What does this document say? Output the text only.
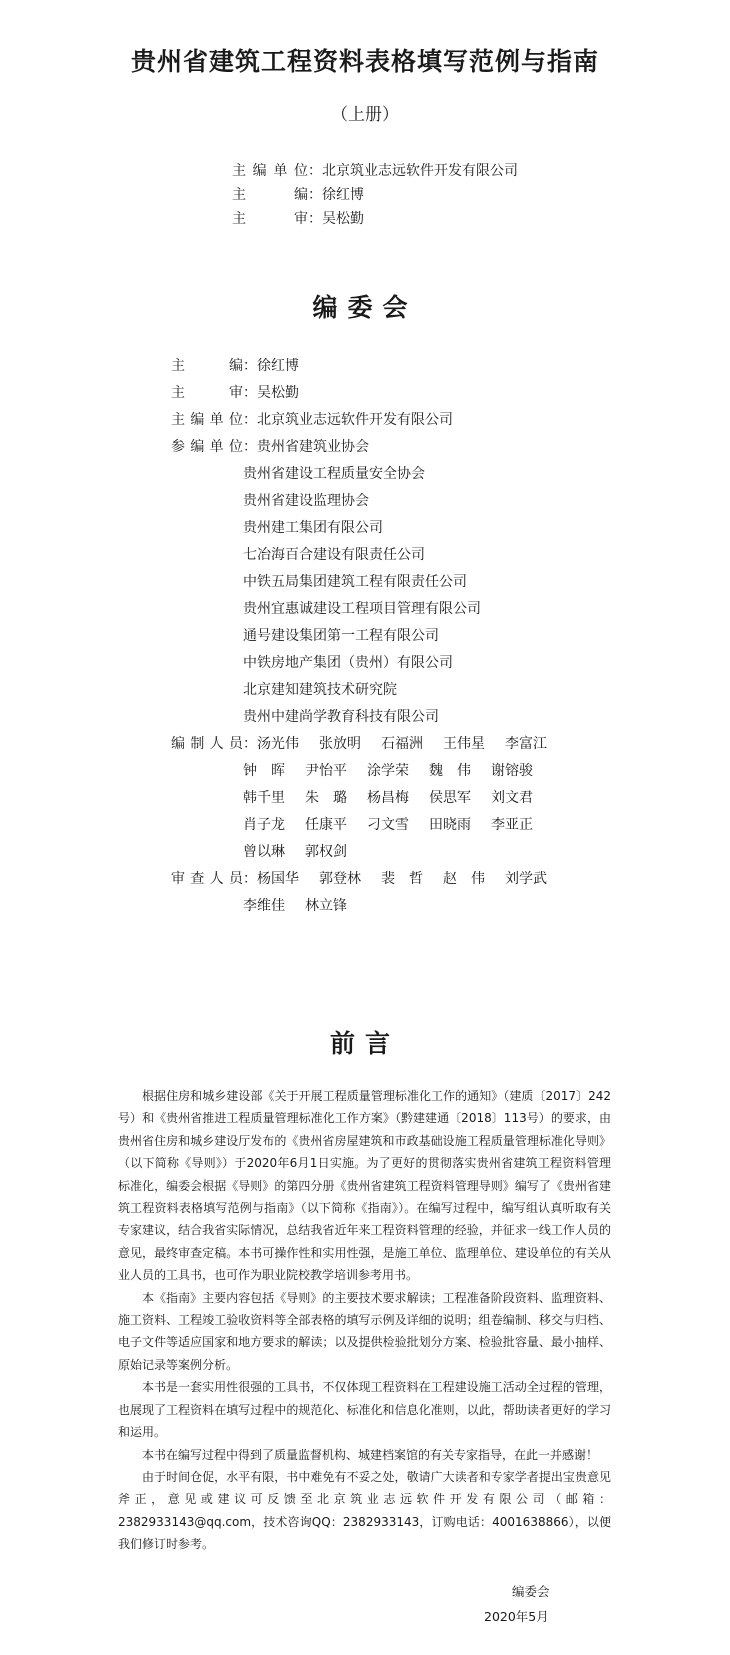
贵州省建筑工程资料表格填写范例与指南
（上册）
主编单位：北京筑业志远软件开发有限公司
主编：徐红博
主审：吴松勤
编委会
主编：徐红博
主审：吴松勤
主编单位：北京筑业志远软件开发有限公司
参编单位：贵州省建筑业协会
贵州省建设工程质量安全协会
贵州省建设监理协会
贵州建工集团有限公司
七冶海百合建设有限责任公司
中铁五局集团建筑工程有限责任公司
贵州宜惠诚建设工程项目管理有限公司
通号建设集团第一工程有限公司
中铁房地产集团（贵州）有限公司
北京建知建筑技术研究院
贵州中建尚学教育科技有限公司
编制人员：汤光伟 张放明 石福洲 王伟星 李富江
钟　晖 尹怡平 涂学荣 魏　伟 谢镕骏
韩千里 朱　璐 杨昌梅 侯思军 刘文君
肖子龙 任康平 刁文雪 田晓雨 李亚正
曾以琳 郭权剑
审查人员：杨国华 郭登林 裴　哲 赵　伟 刘学武
李维佳 林立锋
前言

根据住房和城乡建设部《关于开展工程质量管理标准化工作的通知》（建质〔2017〕242号）和《贵州省推进工程质量管理标准化工作方案》（黔建建通〔2018〕113号）的要求，由贵州省住房和城乡建设厅发布的《贵州省房屋建筑和市政基础设施工程质量管理标准化导则》（以下简称《导则》）于2020年6月1日实施。为了更好的贯彻落实贵州省建筑工程资料管理标准化，编委会根据《导则》的第四分册《贵州省建筑工程资料管理导则》编写了《贵州省建筑工程资料表格填写范例与指南》（以下简称《指南》）。在编写过程中，编写组认真听取有关专家建议，结合我省实际情况，总结我省近年来工程资料管理的经验，并征求一线工作人员的意见，最终审查定稿。本书可操作性和实用性强，是施工单位、监理单位、建设单位的有关从业人员的工具书，也可作为职业院校教学培训参考用书。

本《指南》主要内容包括《导则》的主要技术要求解读；工程准备阶段资料、监理资料、施工资料、工程竣工验收资料等全部表格的填写示例及详细的说明；组卷编制、移交与归档、电子文件等适应国家和地方要求的解读；以及提供检验批划分方案、检验批容量、最小抽样、原始记录等案例分析。

本书是一套实用性很强的工具书，不仅体现工程资料在工程建设施工活动全过程的管理，也展现了工程资料在填写过程中的规范化、标准化和信息化准则，以此，帮助读者更好的学习和运用。

本书在编写过程中得到了质量监督机构、城建档案馆的有关专家指导，在此一并感谢！

由于时间仓促，水平有限，书中难免有不妥之处，敬请广大读者和专家学者提出宝贵意见斧正，意见或建议可反馈至北京筑业志远软件开发有限公司（邮箱：2382933143@qq.com，技术咨询QQ：2382933143，订购电话：4001638866），以便我们修订时参考。

编委会
2020年5月
